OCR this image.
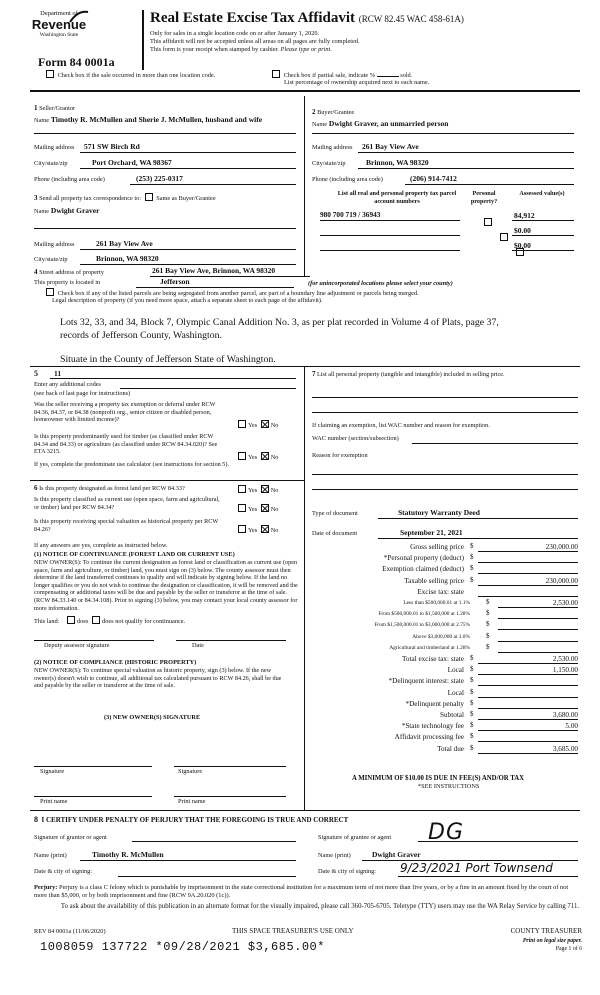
Department of
Revenue
Washington State
Real Estate Excise Tax Affidavit (RCW 82.45 WAC 458-61A)
Only for sales in a single location code on or after January 1, 2020.
This affidavit will not be accepted unless all areas on all pages are fully completed.
This form is your receipt when stamped by cashier. Please type or print.
Form 84 0001a
Check box if the sale occurred in more than one location code.	Check box if partial sale, indicate %	sold.
List percentage of ownership acquired next to each name.
1 Seller/Grantor
Name Timothy R. McMullen and Sherie J. McMullen, husband and wife
Mailing address 571 SW Birch Rd
City/state/zip	Port Orchard, WA 98367
Phone (including area code)	(253) 225-0317
2 Buyer/Grantee
Name Dwight Graver, an unmarried person
Mailing address 261 Bay View Ave
City/state/zip	Brinnon, WA 98320
Phone (including area code)	(206) 914-7412
List all real and personal property tax parcel account numbers
Personal property?
Assessed value(s)
980 700 719 / 36943
	84,912

$0.00
$0.00
3 Send all property tax correspondence to: Same as Buyer/Grantee
Name Dwight Graver
Mailing address	261 Bay View Ave
City/state/zip	Brinnon, WA 98320
4 Street address of property	261 Bay View Ave, Brinnon, WA 98320
This property is located in	Jefferson	(for unincorporated locations please select your county)
Check box if any of the listed parcels are being segregated from another parcel, are part of a boundary line adjustment or parcels being merged.
Legal description of property (if you need more space, attach a separate sheet to each page of the affidavit).
Lots 32, 33, and 34, Block 7, Olympic Canal Addition No. 3, as per plat recorded in Volume 4 of Plats, page 37,
records of Jefferson County, Washington.
Situate in the County of Jefferson State of Washington.
5 11
Enter any additional codes
(see back of last page for instructions)
Was the seller receiving a property tax exemption or deferral under RCW 84.36, 84.37, or 84.38 (nonprofit org., senior citizen or disabled person, homeowner with limited income)?
Yes No
Is this property predominantly used for timber (as classified under RCW 84.34 and 84.33) or agriculture (as classified under RCW 84.34.020)? See ETA 3215.
Yes No
If yes, complete the predominate use calculator (see instructions for section 5).
6 Is this property designated as forest land per RCW 84.33?	Yes No
Is this property classified as current use (open space, farm and agricultural, or timber) land per RCW 84.34?	Yes No
Is this property receiving special valuation as historical property per RCW 84.26?	Yes No
If any answers are yes, complete as instructed below.
(1) NOTICE OF CONTINUANCE (FOREST LAND OR CURRENT USE)
NEW OWNER(S): To continue the current designation as forest land or classification as current use (open space, farm and agriculture, or timber) land, you must sign on (3) below. The county assessor must then determine if the land transferred continues to qualify and will indicate by signing below. If the land no longer qualifies or you do not wish to continue the designation or classification, it will be removed and the compensating or additional taxes will be due and payable by the seller or transferor at the time of sale. (RCW 84.33.140 or 84.34.108). Prior to signing (3) below, you may contact your local county assessor for more information.
This land:	does does not qualify for continuance.
Deputy assessor signature	Date
(2) NOTICE OF COMPLIANCE (HISTORIC PROPERTY)
NEW OWNER(S): To continue special valuation as historic property, sign (3) below. If the new owner(s) doesn't wish to continue, all additional tax calculated pursuant to RCW 84.26, shall be due and payable by the seller or transferor at the time of sale.
(3) NEW OWNER(S) SIGNATURE
Signature	Signature
Print name	Print name
7 List all personal property (tangible and intangible) included in selling price.
If claiming an exemption, list WAC number and reason for exemption.
WAC number (section/subsection)
Reason for exemption
Type of document	Statutory Warranty Deed
Date of document	September 21, 2021
Gross selling price $	230,000.00
*Personal property (deduct) $
Exemption claimed (deduct) $
Taxable selling price $	230,000.00
Excise tax: state
Less than $500,000.01 at 1.1% $	2,530.00
From $500,000.01 to $1,500,000 at 1.28% $
From $1,500,000.01 to $3,000,000 at 2.75% $
Above $3,000,000 at 3.0% $
Agricultural and timberland at 1.28% $
Total excise tax: state $	2,530.00
Local $	1,150.00
*Delinquent interest: state $
Local $
*Delinquent penalty $
Subtotal $	3,680.00
*State technology fee $	5.00
Affidavit processing fee $
Total due $	3,685.00
A MINIMUM OF $10.00 IS DUE IN FEE(S) AND/OR TAX
*SEE INSTRUCTIONS
8 I CERTIFY UNDER PENALTY OF PERJURY THAT THE FOREGOING IS TRUE AND CORRECT
Signature of grantor or agent	Signature of grantee or agent DG
Name (print)	Timothy R. McMullen	Name (print)	Dwight Graver
Date & city of signing:	Date & city of signing: 9/23/2021 Port Townsend
Perjury: Perjury is a class C felony which is punishable by imprisonment in the state correctional institution for a maximum term of not more than five years, or by a fine in an amount fixed by the court of not more than $5,000, or by both imprisonment and fine (RCW 9A.20.020 (1c)).
To ask about the availability of this publication in an alternate format for the visually impaired, please call 360-705-6705. Teletype (TTY) users may use the WA Relay Service by calling 711.
REV 84 0001a (11/06/2020)	THIS SPACE TREASURER'S USE ONLY	COUNTY TREASURER
Print on legal size paper.
Page 1 of 6
1008059 137722 *09/28/2021 $3,685.00*
